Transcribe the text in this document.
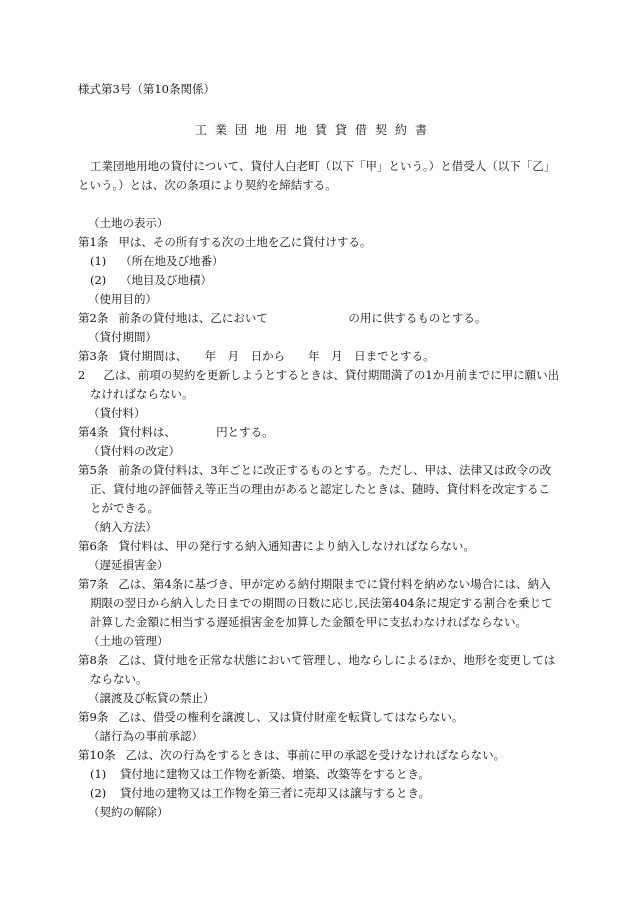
様式第3号（第10条関係）
工業団地用地賃貸借契約書

工業団地用地の貸付について、貸付人白老町（以下「甲」という。）と借受人（以下「乙」という。）とは、次の条項により契約を締結する。

（土地の表示）
第1条 甲は、その所有する次の土地を乙に貸付けする。
(1) （所在地及び地番）
(2) （地目及び地積）
（使用目的）
第2条 前条の貸付地は、乙において　　　　　　　の用に供するものとする。
（貸付期間）
第3条 貸付期間は、　　年　月　日から　　年　月　日までとする。
2 乙は、前項の契約を更新しようとするときは、貸付期間満了の1か月前までに甲に願い出なければならない。
（貸付料）
第4条 貸付料は、　　　　円とする。
（貸付料の改定）
第5条 前条の貸付料は、3年ごとに改正するものとする。ただし、甲は、法律又は政令の改正、貸付地の評価替え等正当の理由があると認定したときは、随時、貸付料を改定することができる。
（納入方法）
第6条 貸付料は、甲の発行する納入通知書により納入しなければならない。
（遅延損害金）
第7条 乙は、第4条に基づき、甲が定める納付期限までに貸付料を納めない場合には、納入期限の翌日から納入した日までの期間の日数に応じ,民法第404条に規定する割合を乗じて計算した金額に相当する遅延損害金を加算した金額を甲に支払わなければならない。
（土地の管理）
第8条 乙は、貸付地を正常な状態において管理し、地ならしによるほか、地形を変更してはならない。
（譲渡及び転貸の禁止）
第9条 乙は、借受の権利を譲渡し、又は貸付財産を転貸してはならない。
（諸行為の事前承認）
第10条 乙は、次の行為をするときは、事前に甲の承認を受けなければならない。
(1) 貸付地に建物又は工作物を新築、増築、改築等をするとき。
(2) 貸付地の建物又は工作物を第三者に売却又は譲与するとき。
（契約の解除）
